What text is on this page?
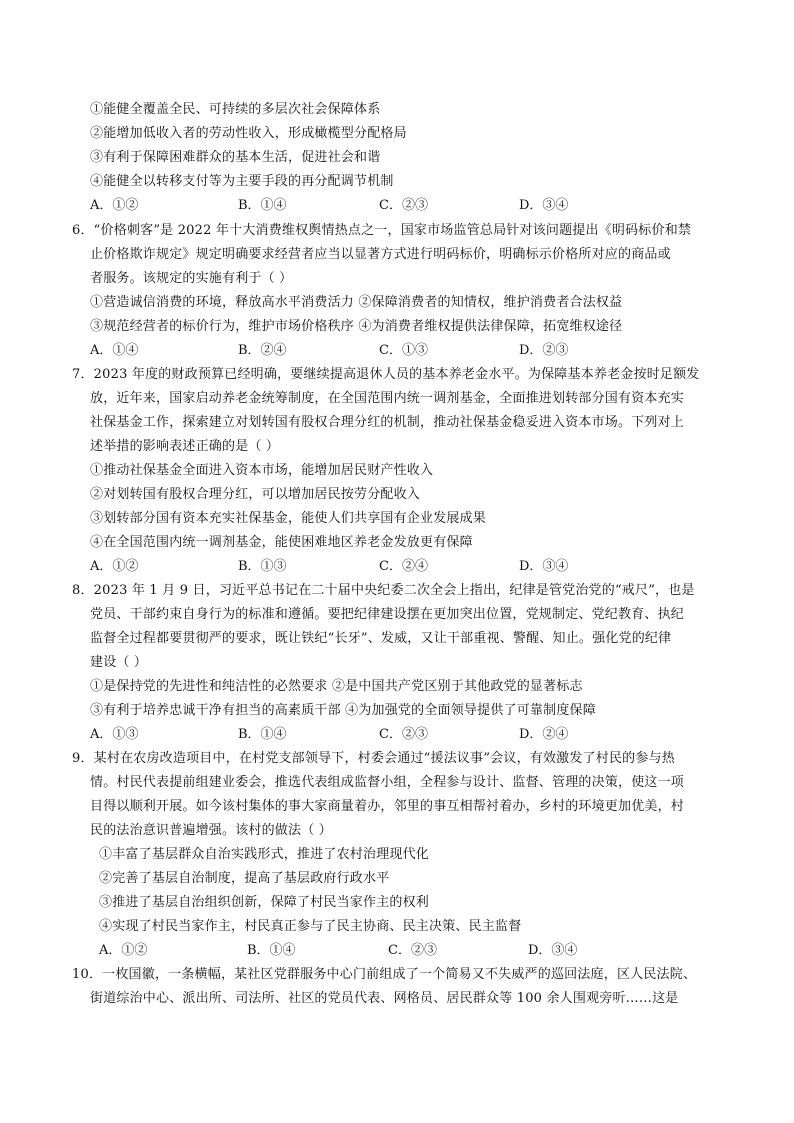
①能健全覆盖全民、可持续的多层次社会保障体系
②能增加低收入者的劳动性收入，形成橄榄型分配格局
③有利于保障困难群众的基本生活，促进社会和谐
④能健全以转移支付等为主要手段的再分配调节机制
A．①②	B．①④	C．②③	D．③④
6．“价格刺客”是 2022 年十大消费维权舆情热点之一，国家市场监管总局针对该问题提出《明码标价和禁
止价格欺诈规定》规定明确要求经营者应当以显著方式进行明码标价，明确标示价格所对应的商品或
者服务。该规定的实施有利于（ ）
①营造诚信消费的环境，释放高水平消费活力 ②保障消费者的知情权，维护消费者合法权益
③规范经营者的标价行为，维护市场价格秩序 ④为消费者维权提供法律保障，拓宽维权途径
A．①④	B．②④	C．①③	D．②③
7．2023 年度的财政预算已经明确，要继续提高退休人员的基本养老金水平。为保障基本养老金按时足额发
放，近年来，国家启动养老金统筹制度，在全国范围内统一调剂基金，全面推进划转部分国有资本充实
社保基金工作，探索建立对划转国有股权合理分红的机制，推动社保基金稳妥进入资本市场。下列对上
述举措的影响表述正确的是（ ）
①推动社保基金全面进入资本市场，能增加居民财产性收入
②对划转国有股权合理分红，可以增加居民按劳分配收入
③划转部分国有资本充实社保基金，能使人们共享国有企业发展成果
④在全国范围内统一调剂基金，能使困难地区养老金发放更有保障
A．①②	B．①③	C．②④	D．③④
8．2023 年 1 月 9 日，习近平总书记在二十届中央纪委二次全会上指出，纪律是管党治党的“戒尺”，也是
党员、干部约束自身行为的标准和遵循。要把纪律建设摆在更加突出位置，党规制定、党纪教育、执纪
监督全过程都要贯彻严的要求，既让铁纪“长牙”、发威，又让干部重视、警醒、知止。强化党的纪律
建设（ ）
①是保持党的先进性和纯洁性的必然要求 ②是中国共产党区别于其他政党的显著标志
③有利于培养忠诚干净有担当的高素质干部 ④为加强党的全面领导提供了可靠制度保障
A．①③	B．①④	C．②③	D．②④
9．某村在农房改造项目中，在村党支部领导下，村委会通过“援法议事”会议，有效激发了村民的参与热
情。村民代表提前组建业委会，推选代表组成监督小组，全程参与设计、监督、管理的决策，使这一项
目得以顺利开展。如今该村集体的事大家商量着办，邻里的事互相帮衬着办，乡村的环境更加优美，村
民的法治意识普遍增强。该村的做法（ ）
①丰富了基层群众自治实践形式，推进了农村治理现代化
②完善了基层自治制度，提高了基层政府行政水平
③推进了基层自治组织创新，保障了村民当家作主的权利
④实现了村民当家作主，村民真正参与了民主协商、民主决策、民主监督
A．①②	B．①④	C．②③	D．③④
10．一枚国徽，一条横幅，某社区党群服务中心门前组成了一个简易又不失威严的巡回法庭，区人民法院、
街道综治中心、派出所、司法所、社区的党员代表、网格员、居民群众等 100 余人围观旁听……这是
